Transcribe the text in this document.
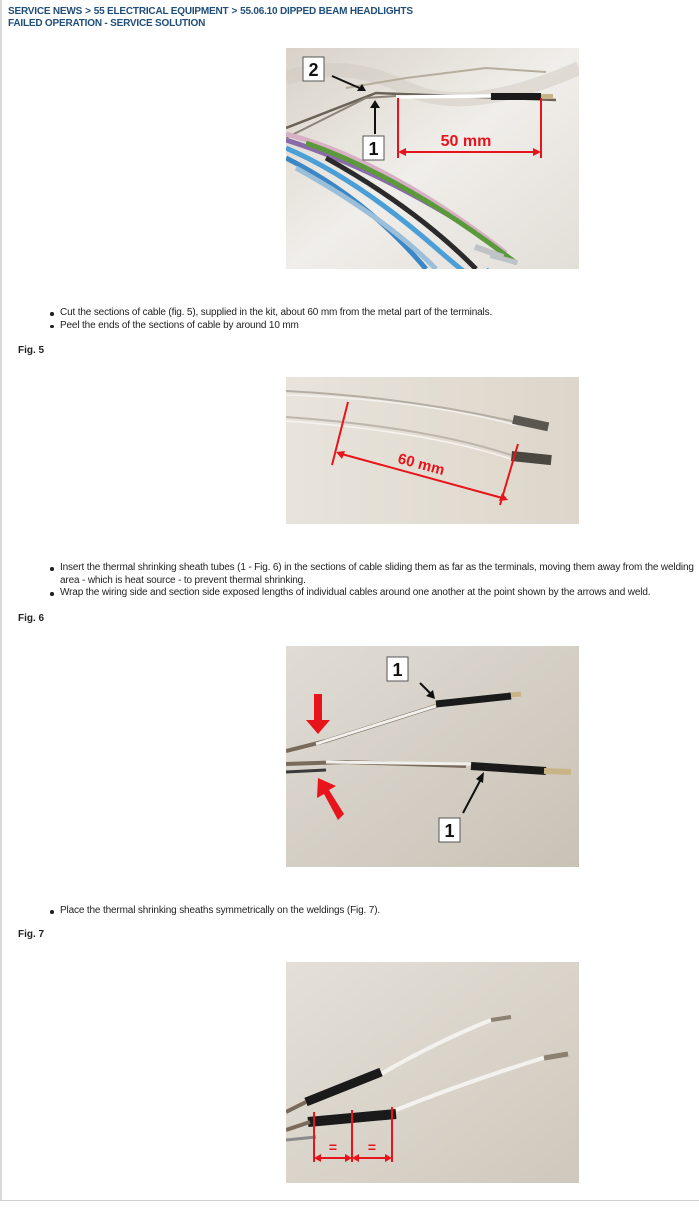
SERVICE NEWS > 55 ELECTRICAL EQUIPMENT > 55.06.10 DIPPED BEAM HEADLIGHTS
FAILED OPERATION - SERVICE SOLUTION
2
1	50 mm
Cut the sections of cable (fig. 5), supplied in the kit, about 60 mm from the metal part of the terminals.
Peel the ends of the sections of cable by around 10 mm
Fig. 5
60 mm
Insert the thermal shrinking sheath tubes (1 - Fig. 6) in the sections of cable sliding them as far as the terminals, moving them away from the welding
area - which is heat source - to prevent thermal shrinking.
Wrap the wiring side and section side exposed lengths of individual cables around one another at the point shown by the arrows and weld.
Fig. 6
1
1
Place the thermal shrinking sheaths symmetrically on the weldings (Fig. 7).
Fig. 7
= =
